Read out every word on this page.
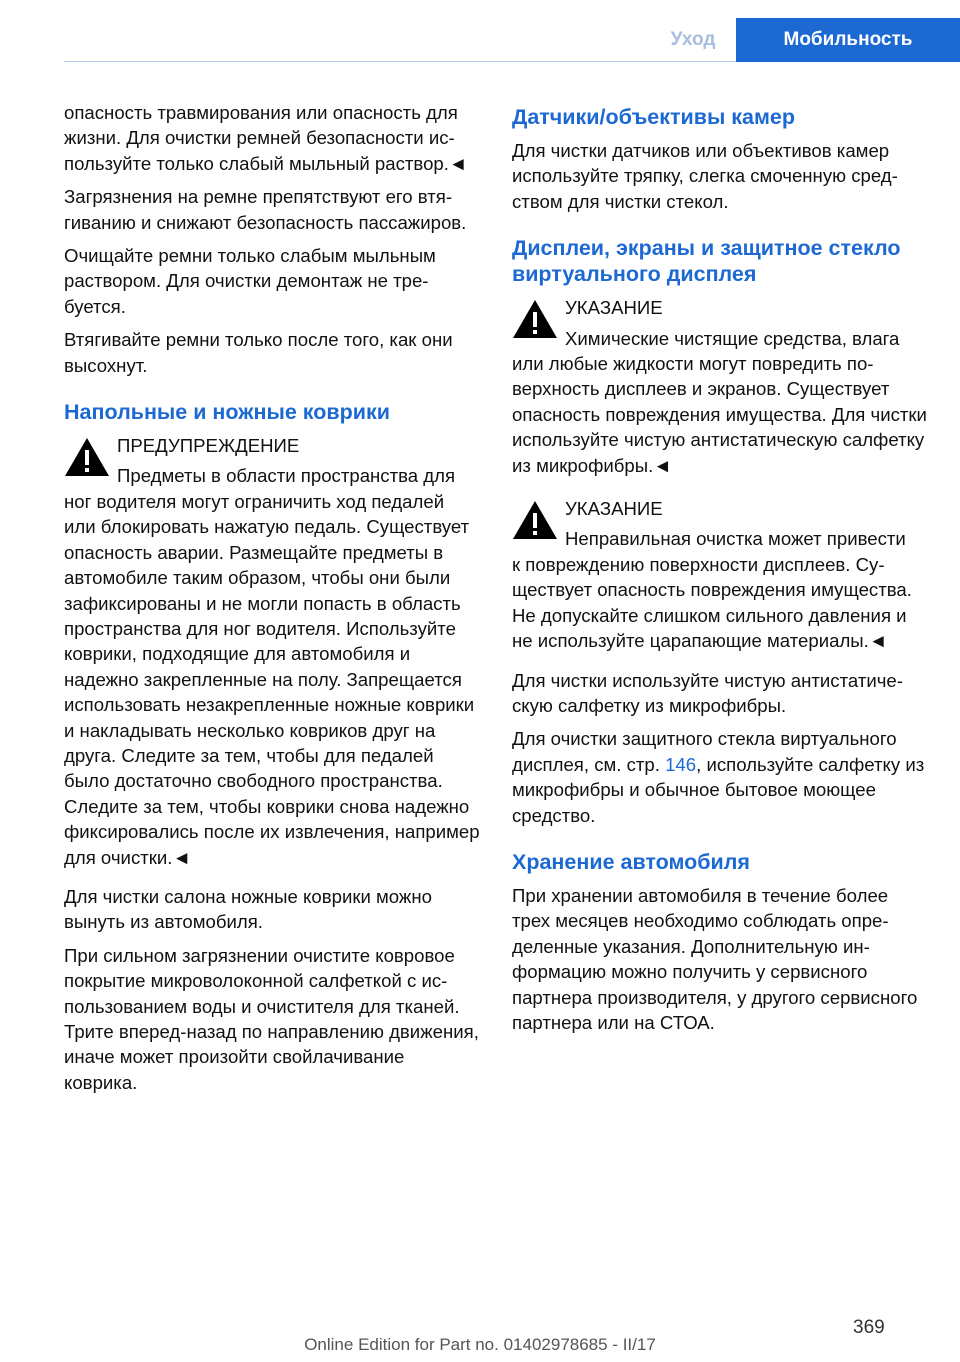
Уход	Мобильность

опасность травмирования или опасность для жизни. Для очистки ремней безопасности используйте только слабый мыльный раствор.◄

Загрязнения на ремне препятствуют его втягиванию и снижают безопасность пассажиров.

Очищайте ремни только слабым мыльным раствором. Для очистки демонтаж не требуется.

Втягивайте ремни только после того, как они высохнут.

Напольные и ножные коврики
ПРЕДУПРЕЖДЕНИЕ
Предметы в области пространства для

ног водителя могут ограничить ход педалей или блокировать нажатую педаль. Существует опасность аварии. Размещайте предметы в автомобиле таким образом, чтобы они были зафиксированы и не могли попасть в область пространства для ног водителя. Используйте коврики, подходящие для автомобиля и надежно закрепленные на полу. Запрещается использовать незакрепленные ножные коврики и накладывать несколько ковриков друг на друга. Следите за тем, чтобы для педалей было достаточно свободного пространства. Следите за тем, чтобы коврики снова надежно фиксировались после их извлечения, например для очистки.◄

Для чистки салона ножные коврики можно вынуть из автомобиля.

При сильном загрязнении очистите ковровое покрытие микроволоконной салфеткой с использованием воды и очистителя для тканей. Трите вперед-назад по направлению движения, иначе может произойти свойлачивание коврика.

Датчики/объективы камер

Для чистки датчиков или объективов камер используйте тряпку, слегка смоченную средством для чистки стекол.

Дисплеи, экраны и защитное стекло виртуального дисплея
УКАЗАНИЕ
Химические чистящие средства, влага

или любые жидкости могут повредить поверхность дисплеев и экранов. Существует опасность повреждения имущества. Для чистки используйте чистую антистатическую салфетку из микрофибры.◄

УКАЗАНИЕ
Неправильная очистка может привести

к повреждению поверхности дисплеев. Существует опасность повреждения имущества. Не допускайте слишком сильного давления и не используйте царапающие материалы.◄

Для чистки используйте чистую антистатическую салфетку из микрофибры.

Для очистки защитного стекла виртуального дисплея, см. стр. 146, используйте салфетку из микрофибры и обычное бытовое моющее средство.

Хранение автомобиля

При хранении автомобиля в течение более трех месяцев необходимо соблюдать определенные указания. Дополнительную информацию можно получить у сервисного партнера производителя, у другого сервисного партнера или на СТОА.

369
Online Edition for Part no. 01402978685 - II/17
